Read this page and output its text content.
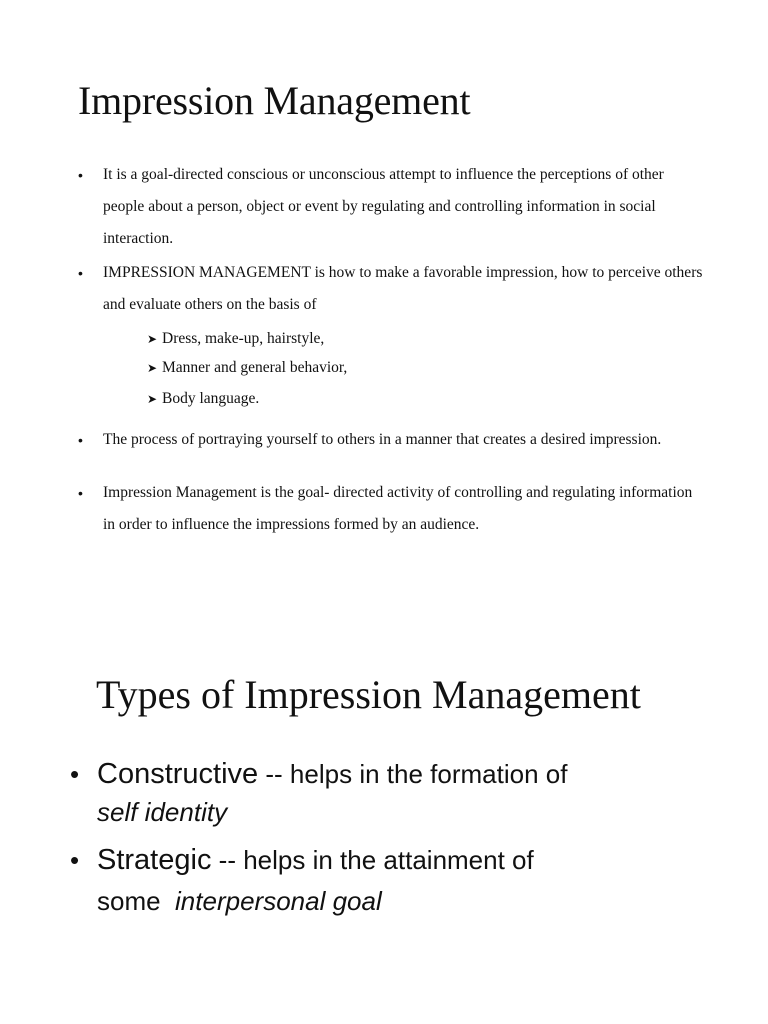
Impression Management
• It is a goal-directed conscious or unconscious attempt to influence the perceptions of other people about a person, object or event by regulating and controlling information in social interaction.
• IMPRESSION MANAGEMENT is how to make a favorable impression, how to perceive others and evaluate others on the basis of
➤ Dress, make-up, hairstyle,
➤ Manner and general behavior,
➤ Body language.
• The process of portraying yourself to others in a manner that creates a desired impression.
• Impression Management is the goal- directed activity of controlling and regulating information in order to influence the impressions formed by an audience.
Types of Impression Management
• Constructive -- helps in the formation of
self identity
• Strategic -- helps in the attainment of
some  interpersonal goal
